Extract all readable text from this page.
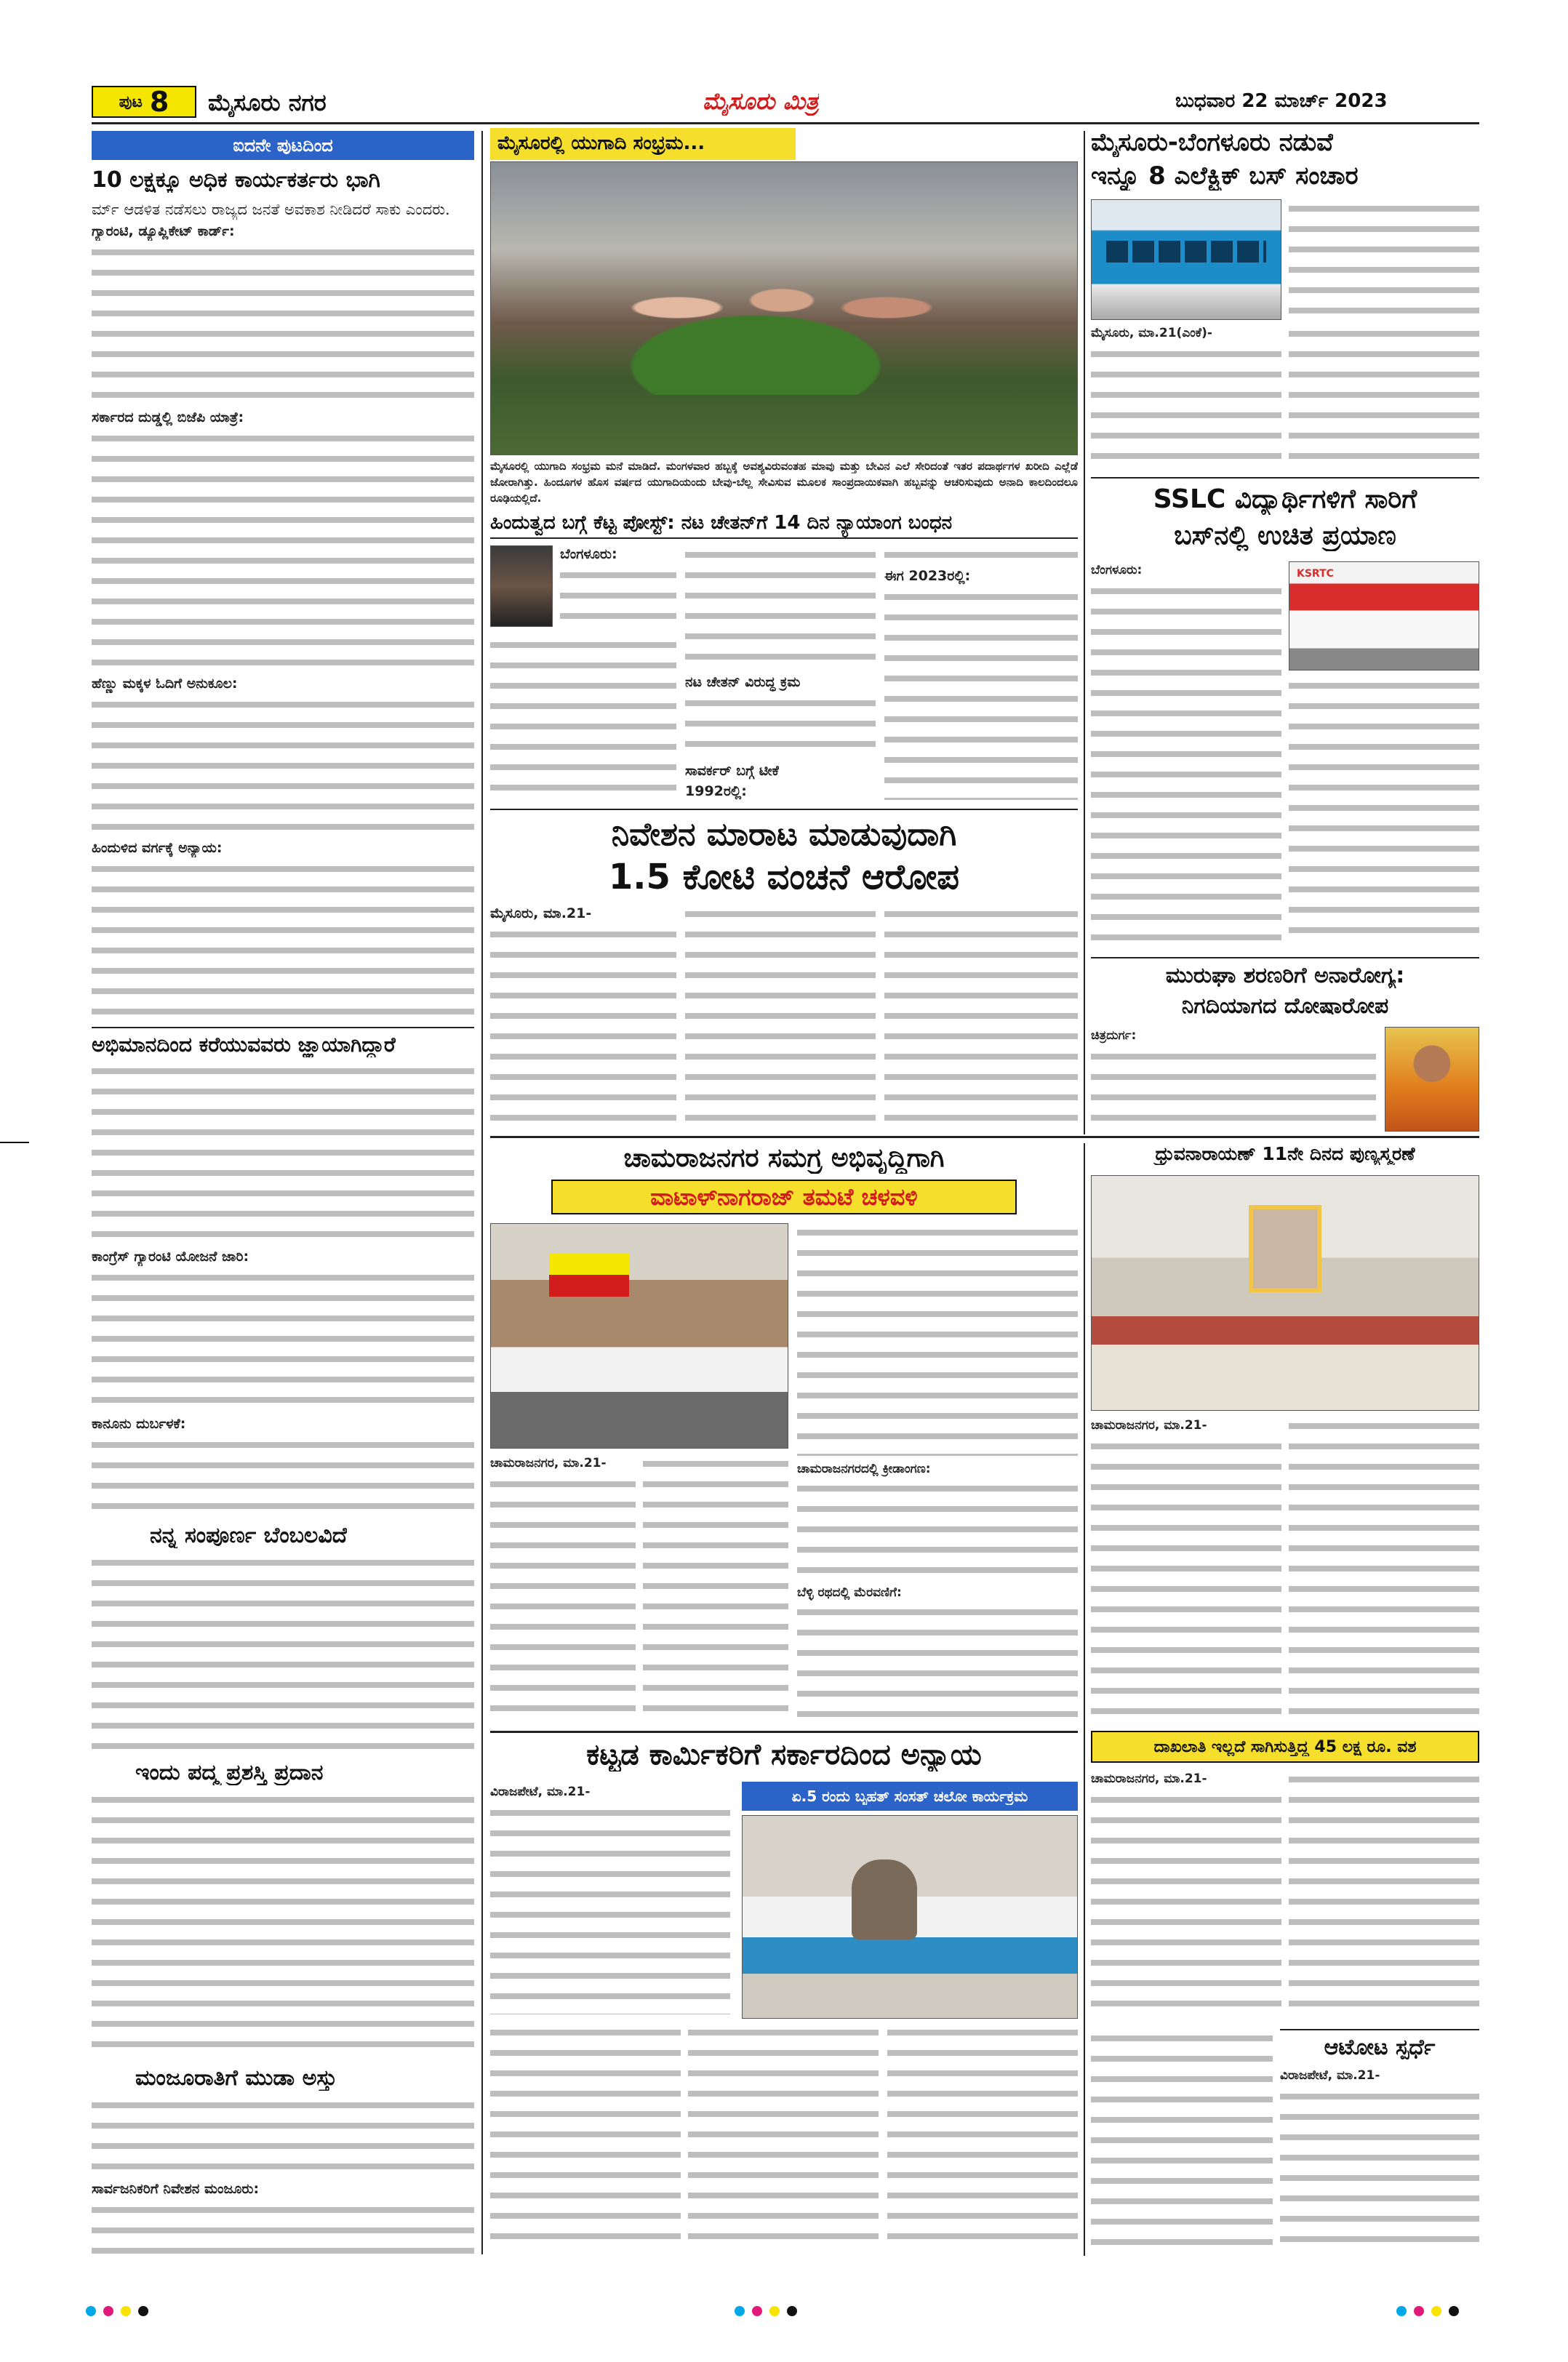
ಪುಟ 8 ಮೈಸೂರು ನಗರ	ಮೈಸೂರು ಮಿತ್ರ	ಬುಧವಾರ 22 ಮಾರ್ಚ್ 2023
ಐದನೇ ಪುಟದಿಂದ
10 ಲಕ್ಷಕ್ಕೂ ಅಧಿಕ ಕಾರ್ಯಕರ್ತರು ಭಾಗಿ
ರ್ಮ್ ಆಡಳಿತ ನಡೆಸಲು ರಾಜ್ಯದ ಜನತೆ ಅವಕಾಶ ನೀಡಿದರೆ ಸಾಕು ಎಂದರು.
ಗ್ಯಾರಂಟಿ, ಡ್ಯೂಪ್ಲಿಕೇಟ್ ಕಾರ್ಡ್:
ಸರ್ಕಾರದ ದುಡ್ಡಲ್ಲಿ ಬಿಜೆಪಿ ಯಾತ್ರೆ:
ಹೆಣ್ಣು ಮಕ್ಕಳ ಓದಿಗೆ ಅನುಕೂಲ:
ಹಿಂದುಳಿದ ವರ್ಗಕ್ಕೆ ಅನ್ಯಾಯ:
ಅಭಿಮಾನದಿಂದ ಕರೆಯುವವರು ಜ್ಞಾಯಾಗಿದ್ದಾರೆ
ಕಾಂಗ್ರೆಸ್ ಗ್ಯಾರಂಟಿ ಯೋಜನೆ ಜಾರಿ:
ಕಾನೂನು ದುರ್ಬಳಕೆ:
ನನ್ನ ಸಂಪೂರ್ಣ ಬೆಂಬಲವಿದೆ
ಇಂದು ಪದ್ಮ ಪ್ರಶಸ್ತಿ ಪ್ರದಾನ
ಮಂಜೂರಾತಿಗೆ ಮುಡಾ ಅಸ್ತು
ಸಾರ್ವಜನಿಕರಿಗೆ ನಿವೇಶನ ಮಂಜೂರು:
ಮೈಸೂರಲ್ಲಿ ಯುಗಾದಿ ಸಂಭ್ರಮ...
ಮೈಸೂರಲ್ಲಿ ಯುಗಾದಿ ಸಂಭ್ರಮ ಮನೆ ಮಾಡಿದೆ. ಮಂಗಳವಾರ ಹಬ್ಬಕ್ಕೆ ಅವಶ್ಯವಿರುವಂತಹ ಮಾವು ಮತ್ತು ಬೇವಿನ ಎಲೆ ಸೇರಿದಂತೆ ಇತರ ಪದಾರ್ಥಗಳ ಖರೀದಿ ಎಲ್ಲೆಡೆ ಜೋರಾಗಿತ್ತು. ಹಿಂದೂಗಳ ಹೊಸ ವರ್ಷದ ಯುಗಾದಿಯಂದು ಬೇವು-ಬೆಲ್ಲ ಸೇವಿಸುವ ಮೂಲಕ ಸಾಂಪ್ರದಾಯಿಕವಾಗಿ ಹಬ್ಬವನ್ನು ಆಚರಿಸುವುದು ಅನಾದಿ ಕಾಲದಿಂದಲೂ ರೂಢಿಯಲ್ಲಿದೆ.
ಹಿಂದುತ್ವದ ಬಗ್ಗೆ ಕೆಟ್ಟ ಪೋಸ್ಟ್: ನಟ ಚೇತನ್‌ಗೆ 14 ದಿನ ನ್ಯಾಯಾಂಗ ಬಂಧನ
ಬೆಂಗಳೂರು:
ನಟ ಚೇತನ್ ವಿರುದ್ಧ ಕ್ರಮ
ಸಾವರ್ಕರ್ ಬಗ್ಗೆ ಟೀಕೆ
1992ರಲ್ಲಿ:
ಈಗ 2023ರಲ್ಲಿ:
ನಿವೇಶನ ಮಾರಾಟ ಮಾಡುವುದಾಗಿ
1.5 ಕೋಟಿ ವಂಚನೆ ಆರೋಪ
ಮೈಸೂರು, ಮಾ.21-
ಮೈಸೂರು-ಬೆಂಗಳೂರು ನಡುವೆ
ಇನ್ನೂ 8 ಎಲೆಕ್ಟ್ರಿಕ್ ಬಸ್ ಸಂಚಾರ
ಮೈಸೂರು, ಮಾ.21(ಎಂಕೆ)-
SSLC ವಿದ್ಯಾರ್ಥಿಗಳಿಗೆ ಸಾರಿಗೆ
ಬಸ್‌ನಲ್ಲಿ ಉಚಿತ ಪ್ರಯಾಣ
ಬೆಂಗಳೂರು:	KSRTC
ಮುರುಘಾ ಶರಣರಿಗೆ ಅನಾರೋಗ್ಯ:
ನಿಗದಿಯಾಗದ ದೋಷಾರೋಪ
ಚಿತ್ರದುರ್ಗ:
ಚಾಮರಾಜನಗರ ಸಮಗ್ರ ಅಭಿವೃದ್ಧಿಗಾಗಿ
ವಾಟಾಳ್‌ನಾಗರಾಜ್ ತಮಟೆ ಚಳವಳಿ
ಚಾಮರಾಜನಗರ, ಮಾ.21-	ಚಾಮರಾಜನಗರದಲ್ಲಿ ಕ್ರೀಡಾಂಗಣ:
ಬೆಳ್ಳಿ ರಥದಲ್ಲಿ ಮೆರವಣಿಗೆ:
ಧ್ರುವನಾರಾಯಣ್ 11ನೇ ದಿನದ ಪುಣ್ಯಸ್ಮರಣೆ
ಚಾಮರಾಜನಗರ, ಮಾ.21-
ದಾಖಲಾತಿ ಇಲ್ಲದೆ ಸಾಗಿಸುತ್ತಿದ್ದ 45 ಲಕ್ಷ ರೂ. ವಶ
ಚಾಮರಾಜನಗರ, ಮಾ.21-
ಆಟೋಟ ಸ್ಪರ್ಧೆ
ವಿರಾಜಪೇಟೆ, ಮಾ.21-
ಕಟ್ಟಡ ಕಾರ್ಮಿಕರಿಗೆ ಸರ್ಕಾರದಿಂದ ಅನ್ಯಾಯ
ವಿರಾಜಪೇಟೆ, ಮಾ.21-	ಏ.5 ರಂದು ಬೃಹತ್ ಸಂಸತ್ ಚಲೋ ಕಾರ್ಯಕ್ರಮ
